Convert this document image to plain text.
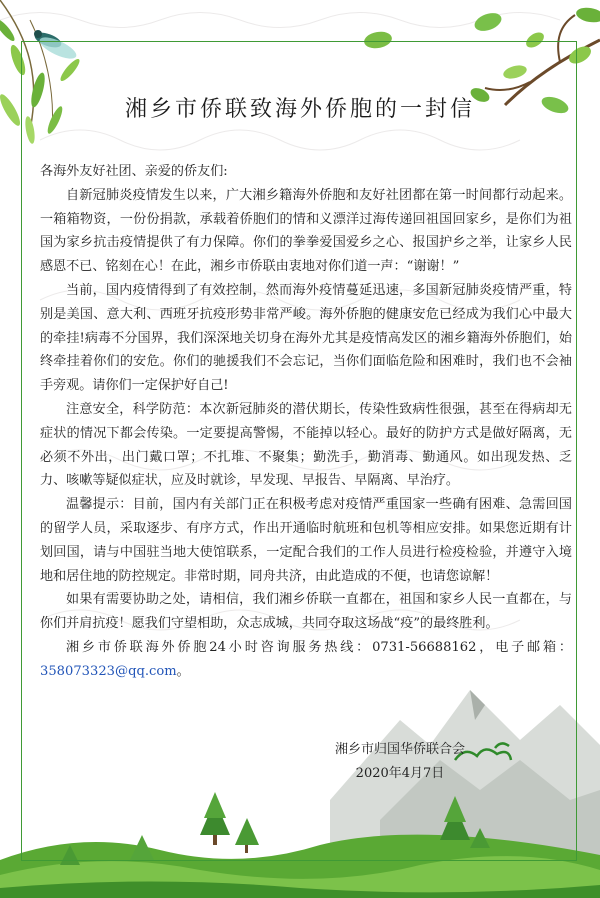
湘乡市侨联致海外侨胞的一封信

各海外友好社团、亲爱的侨友们:

自新冠肺炎疫情发生以来，广大湘乡籍海外侨胞和友好社团都在第一时间都行动起来。一箱箱物资，一份份捐款，承载着侨胞们的情和义漂洋过海传递回祖国回家乡，是你们为祖国为家乡抗击疫情提供了有力保障。你们的拳拳爱国爱乡之心、报国护乡之举，让家乡人民感恩不已、铭刻在心！在此，湘乡市侨联由衷地对你们道一声：“谢谢！”

当前，国内疫情得到了有效控制，然而海外疫情蔓延迅速，多国新冠肺炎疫情严重，特别是美国、意大利、西班牙抗疫形势非常严峻。海外侨胞的健康安危已经成为我们心中最大的牵挂!病毒不分国界，我们深深地关切身在海外尤其是疫情高发区的湘乡籍海外侨胞们，始终牵挂着你们的安危。你们的驰援我们不会忘记，当你们面临危险和困难时，我们也不会袖手旁观。请你们一定保护好自己!

注意安全，科学防范：本次新冠肺炎的潜伏期长，传染性致病性很强，甚至在得病却无症状的情况下都会传染。一定要提高警惕，不能掉以轻心。最好的防护方式是做好隔离，无必须不外出，出门戴口罩；不扎堆、不聚集；勤洗手，勤消毒、勤通风。如出现发热、乏力、咳嗽等疑似症状，应及时就诊，早发现、早报告、早隔离、早治疗。

温馨提示：目前，国内有关部门正在积极考虑对疫情严重国家一些确有困难、急需回国的留学人员，采取逐步、有序方式，作出开通临时航班和包机等相应安排。如果您近期有计划回国，请与中国驻当地大使馆联系，一定配合我们的工作人员进行检疫检验，并遵守入境地和居住地的防控规定。非常时期，同舟共济，由此造成的不便，也请您谅解！

如果有需要协助之处，请相信，我们湘乡侨联一直都在，祖国和家乡人民一直都在，与你们并肩抗疫！愿我们守望相助，众志成城，共同夺取这场战“疫”的最终胜利。

湘乡市侨联海外侨胞24小时咨询服务热线：0731-56688162，电子邮箱：358073323@qq.com。

湘乡市归国华侨联合会
2020年4月7日
